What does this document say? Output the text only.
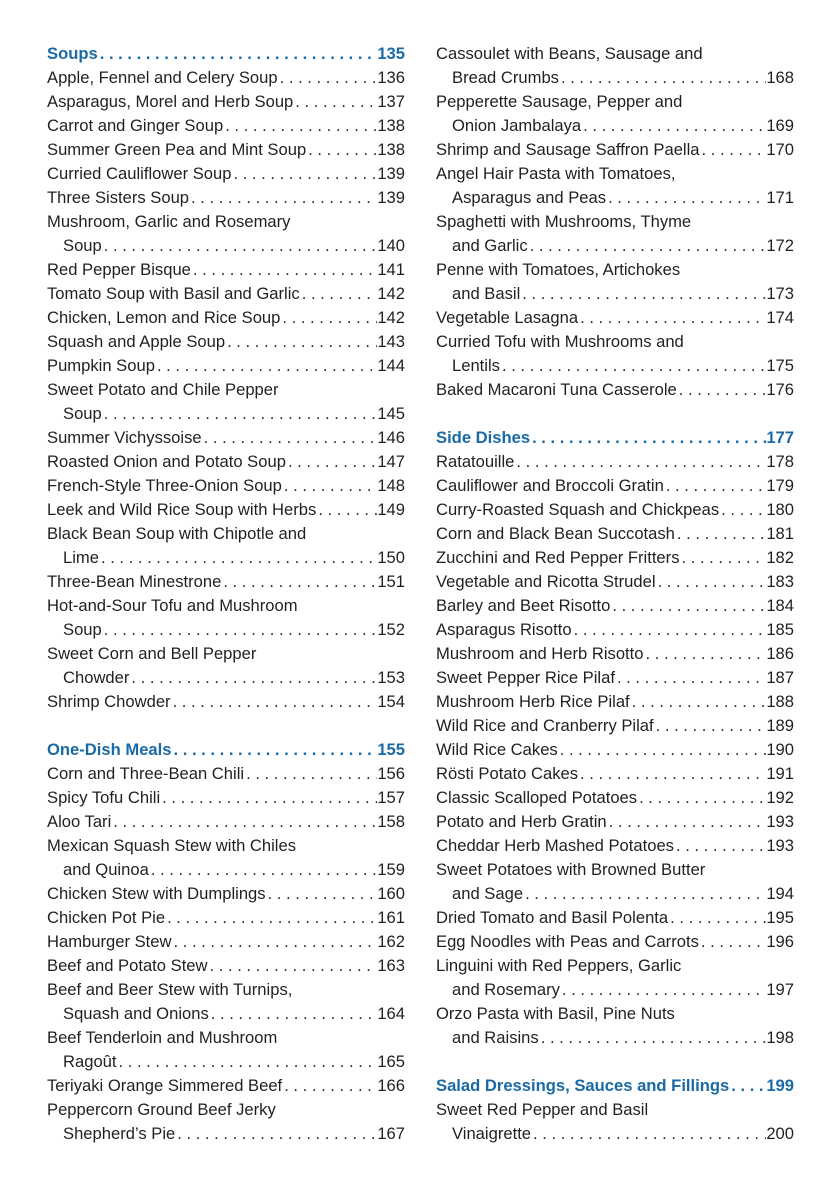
Soups . . .	135
Apple, Fennel and Celery Soup . . .	136
Asparagus, Morel and Herb Soup . . .	137
Carrot and Ginger Soup . . .	138
Summer Green Pea and Mint Soup . . .	138
Curried Cauliflower Soup . . .	139
Three Sisters Soup . . .	139
Mushroom, Garlic and Rosemary
Soup . . .	140
Red Pepper Bisque . . .	141
Tomato Soup with Basil and Garlic . . .	142
Chicken, Lemon and Rice Soup . . .	142
Squash and Apple Soup . . .	143
Pumpkin Soup . . .	144
Sweet Potato and Chile Pepper
Soup . . .	145
Summer Vichyssoise . . .	146
Roasted Onion and Potato Soup . . .	147
French-Style Three-Onion Soup . . .	148
Leek and Wild Rice Soup with Herbs . . .	149
Black Bean Soup with Chipotle and
Lime . . .	150
Three-Bean Minestrone . . .	151
Hot-and-Sour Tofu and Mushroom
Soup . . .	152
Sweet Corn and Bell Pepper
Chowder . . .	153
Shrimp Chowder . . .	154
One-Dish Meals . . .	155
Corn and Three-Bean Chili . . .	156
Spicy Tofu Chili . . .	157
Aloo Tari . . .	158
Mexican Squash Stew with Chiles
and Quinoa . . .	159
Chicken Stew with Dumplings . . .	160
Chicken Pot Pie . . .	161
Hamburger Stew . . .	162
Beef and Potato Stew . . .	163
Beef and Beer Stew with Turnips,
Squash and Onions . . .	164
Beef Tenderloin and Mushroom
Ragoût . . .	165
Teriyaki Orange Simmered Beef . . .	166
Peppercorn Ground Beef Jerky
Shepherd’s Pie . . .	167
Cassoulet with Beans, Sausage and
Bread Crumbs . . .	168
Pepperette Sausage, Pepper and
Onion Jambalaya . . .	169
Shrimp and Sausage Saffron Paella . . .	170
Angel Hair Pasta with Tomatoes,
Asparagus and Peas . . .	171
Spaghetti with Mushrooms, Thyme
and Garlic . . .	172
Penne with Tomatoes, Artichokes
and Basil . . .	173
Vegetable Lasagna . . .	174
Curried Tofu with Mushrooms and
Lentils . . .	175
Baked Macaroni Tuna Casserole . . .	176
Side Dishes . . .	177
Ratatouille . . .	178
Cauliflower and Broccoli Gratin . . .	179
Curry-Roasted Squash and Chickpeas . . .	180
Corn and Black Bean Succotash . . .	181
Zucchini and Red Pepper Fritters . . .	182
Vegetable and Ricotta Strudel . . .	183
Barley and Beet Risotto . . .	184
Asparagus Risotto . . .	185
Mushroom and Herb Risotto . . .	186
Sweet Pepper Rice Pilaf . . .	187
Mushroom Herb Rice Pilaf . . .	188
Wild Rice and Cranberry Pilaf . . .	189
Wild Rice Cakes . . .	190
Rösti Potato Cakes . . .	191
Classic Scalloped Potatoes . . .	192
Potato and Herb Gratin . . .	193
Cheddar Herb Mashed Potatoes . . .	193
Sweet Potatoes with Browned Butter
and Sage . . .	194
Dried Tomato and Basil Polenta . . .	195
Egg Noodles with Peas and Carrots . . .	196
Linguini with Red Peppers, Garlic
and Rosemary . . .	197
Orzo Pasta with Basil, Pine Nuts
and Raisins . . .	198
Salad Dressings, Sauces and Fillings . . . 199
Sweet Red Pepper and Basil
Vinaigrette . . .	200
